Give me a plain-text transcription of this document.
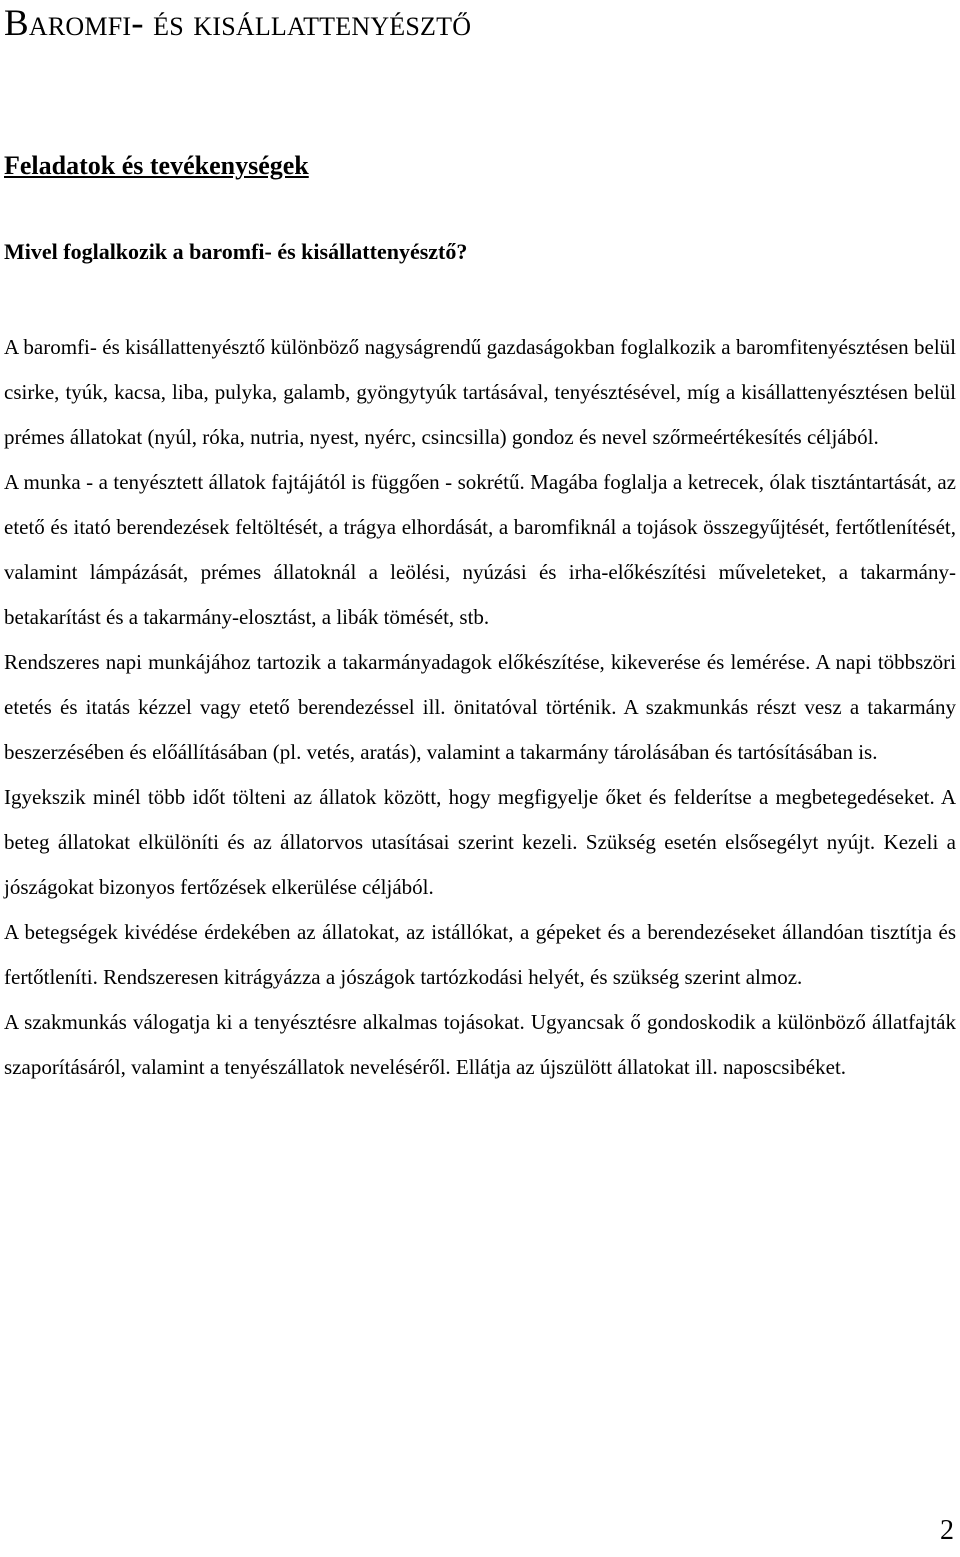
Baromfi- és kisállattenyésztő
Feladatok és tevékenységek
Mivel foglalkozik a baromfi- és kisállattenyésztő?

A baromfi- és kisállattenyésztő különböző nagyságrendű gazdaságokban foglalkozik a baromfitenyésztésen belül csirke, tyúk, kacsa, liba, pulyka, galamb, gyöngytyúk tartásával, tenyésztésével, míg a kisállattenyésztésen belül prémes állatokat (nyúl, róka, nutria, nyest, nyérc, csincsilla) gondoz és nevel szőrmeértékesítés céljából.

A munka - a tenyésztett állatok fajtájától is függően - sokrétű. Magába foglalja a ketrecek, ólak tisztántartását, az etető és itató berendezések feltöltését, a trágya elhordását, a baromfiknál a tojások összegyűjtését, fertőtlenítését, valamint lámpázását, prémes állatoknál a leölési, nyúzási és irha-előkészítési műveleteket, a takarmány-betakarítást és a takarmány-elosztást, a libák tömését, stb.

Rendszeres napi munkájához tartozik a takarmányadagok előkészítése, kikeverése és lemérése. A napi többszöri etetés és itatás kézzel vagy etető berendezéssel ill. önitatóval történik. A szakmunkás részt vesz a takarmány beszerzésében és előállításában (pl. vetés, aratás), valamint a takarmány tárolásában és tartósításában is.

Igyekszik minél több időt tölteni az állatok között, hogy megfigyelje őket és felderítse a megbetegedéseket. A beteg állatokat elkülöníti és az állatorvos utasításai szerint kezeli. Szükség esetén elsősegélyt nyújt. Kezeli a jószágokat bizonyos fertőzések elkerülése céljából.

A betegségek kivédése érdekében az állatokat, az istállókat, a gépeket és a berendezéseket állandóan tisztítja és fertőtleníti. Rendszeresen kitrágyázza a jószágok tartózkodási helyét, és szükség szerint almoz.

A szakmunkás válogatja ki a tenyésztésre alkalmas tojásokat. Ugyancsak ő gondoskodik a különböző állatfajták szaporításáról, valamint a tenyészállatok neveléséről. Ellátja az újszülött állatokat ill. naposcsibéket.

2
